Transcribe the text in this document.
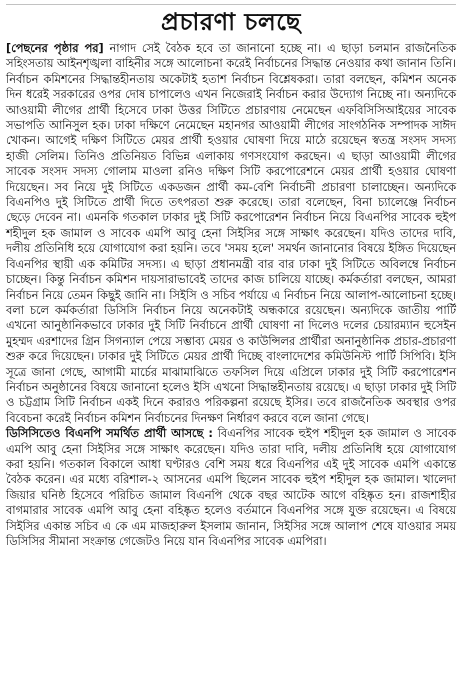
প্রচারণা চলছে

[পেছনের পৃষ্ঠার পর] নাগাদ সেই বৈঠক হবে তা জানানো হচ্ছে না। এ ছাড়া চলমান রাজনৈতিক সহিংসতায় আইনশৃঙ্খলা বাহিনীর সঙ্গে আলোচনা করেই নির্বাচনের সিদ্ধান্ত নেওয়ার কথা জানান তিনি। নির্বাচন কমিশনের সিদ্ধান্তহীনতায় অকেটাই হতাশ নির্বাচন বিশ্লেষকরা। তারা বলছেন, কমিশন অনেক দিন ধরেই সরকারের ওপর দোষ চাপালেও এখন নিজেরাই নির্বাচন করার উদ্যোগ নিচ্ছে না। অন্যদিকে আওয়ামী লীগের প্রার্থী হিসেবে ঢাকা উত্তর সিটিতে প্রচারণায় নেমেছেন এফবিসিসিআইয়ের সাবেক সভাপতি আনিসুল হক। ঢাকা দক্ষিণে নেমেছেন মহানগর আওয়ামী লীগের সাংগঠনিক সম্পাদক সাঈদ খোকন। আগেই দক্ষিণ সিটিতে মেয়র প্রার্থী হওয়ার ঘোষণা দিয়ে মাঠে রয়েছেন স্বতন্ত্র সংসদ সদস্য হাজী সেলিম। তিনিও প্রতিনিয়ত বিভিন্ন এলাকায় গণসংযোগ করছেন। এ ছাড়া আওয়ামী লীগের সাবেক সংসদ সদস্য গোলাম মাওলা রনিও দক্ষিণ সিটি করপোরেশনে মেয়র প্রার্থী হওয়ার ঘোষণা দিয়েছেন। সব নিয়ে দুই সিটিতে একডজন প্রার্থী কম-বেশি নির্বাচনী প্রচারণা চালাচ্ছেন। অন্যদিকে বিএনপিও দুই সিটিতে প্রার্থী দিতে তৎপরতা শুরু করেছে। তারা বলেছেন, বিনা চ্যালেঞ্জে নির্বাচন ছেড়ে দেবেন না। এমনকি গতকাল ঢাকার দুই সিটি করপোরেশন নির্বাচন নিয়ে বিএনপির সাবেক হুইপ শহীদুল হক জামাল ও সাবেক এমপি আবু হেনা সিইসির সঙ্গে সাক্ষাৎ করেছেন। যদিও তাদের দাবি, দলীয় প্রতিনিধি হয়ে যোগাযোগ করা হয়নি। তবে 'সময় হলে' সমর্থন জানানোর বিষয়ে ইঙ্গিত দিয়েছেন বিএনপির স্থায়ী এক কমিটির সদস্য। এ ছাড়া প্রধানমন্ত্রী বার বার ঢাকা দুই সিটিতে অবিলম্বে নির্বাচন চাচ্ছেন। কিন্তু নির্বাচন কমিশন দায়সারাভাবেই তাদের কাজ চালিয়ে যাচ্ছে। কর্মকর্তারা বলছেন, আমরা নির্বাচন নিয়ে তেমন কিছুই জানি না। সিইসি ও সচিব পর্যায়ে এ নির্বাচন নিয়ে আলাপ-আলোচনা হচ্ছে। বলা চলে কর্মকর্তারা ডিসিসি নির্বাচন নিয়ে অনেকটাই অন্ধকারে রয়েছেন। অন্যদিকে জাতীয় পার্টি এখনো আনুষ্ঠানিকভাবে ঢাকার দুই সিটি নির্বাচনে প্রার্থী ঘোষণা না দিলেও দলের চেয়ারম্যান হুসেইন মুহম্মদ এরশাদের গ্রিন সিগন্যাল পেয়ে সম্ভাব্য মেয়র ও কাউন্সিলর প্রার্থীরা অনানুষ্ঠানিক প্রচার-প্রচারণা শুরু করে দিয়েছেন। ঢাকার দুই সিটিতে মেয়র প্রার্থী দিচ্ছে বাংলাদেশের কমিউনিস্ট পার্টি সিপিবি। ইসি সূত্রে জানা গেছে, আগামী মার্চের মাঝামাঝিতে তফসিল দিয়ে এপ্রিলে ঢাকার দুই সিটি করপোরেশন নির্বাচন অনুষ্ঠানের বিষয়ে জানানো হলেও ইসি এখনো সিদ্ধান্তহীনতায় রয়েছে। এ ছাড়া ঢাকার দুই সিটি ও চট্টগ্রাম সিটি নির্বাচন একই দিনে করারও পরিকল্পনা রয়েছে ইসির। তবে রাজনৈতিক অবস্থার ওপর বিবেচনা করেই নির্বাচন কমিশন নির্বাচনের দিনক্ষণ নির্ধারণ করবে বলে জানা গেছে।

ডিসিসিতেও বিএনপি সমর্থিত প্রার্থী আসছে : বিএনপির সাবেক হুইপ শহীদুল হক জামাল ও সাবেক এমপি আবু হেনা সিইসির সঙ্গে সাক্ষাৎ করেছেন। যদিও তারা দাবি, দলীয় প্রতিনিধি হয়ে যোগাযোগ করা হয়নি। গতকাল বিকালে আধা ঘণ্টারও বেশি সময় ধরে বিএনপির এই দুই সাবেক এমপি একান্তে বৈঠক করেন। এর মধ্যে বরিশাল-২ আসনের এমপি ছিলেন সাবেক হুইপ শহীদুল হক জামাল। খালেদা জিয়ার ঘনিষ্ঠ হিসেবে পরিচিত জামাল বিএনপি থেকে বছর আটেক আগে বহিষ্কৃত হন। রাজশাহীর বাগমারার সাবেক এমপি আবু হেনা বহিষ্কৃত হলেও বর্তমানে বিএনপির সঙ্গে যুক্ত রয়েছেন। এ বিষয়ে সিইসির একান্ত সচিব এ কে এম মাজহারুল ইসলাম জানান, সিইসির সঙ্গে আলাপ শেষে যাওয়ার সময় ডিসিসির সীমানা সংক্রান্ত গেজেটও নিয়ে যান বিএনপির সাবেক এমপিরা।
